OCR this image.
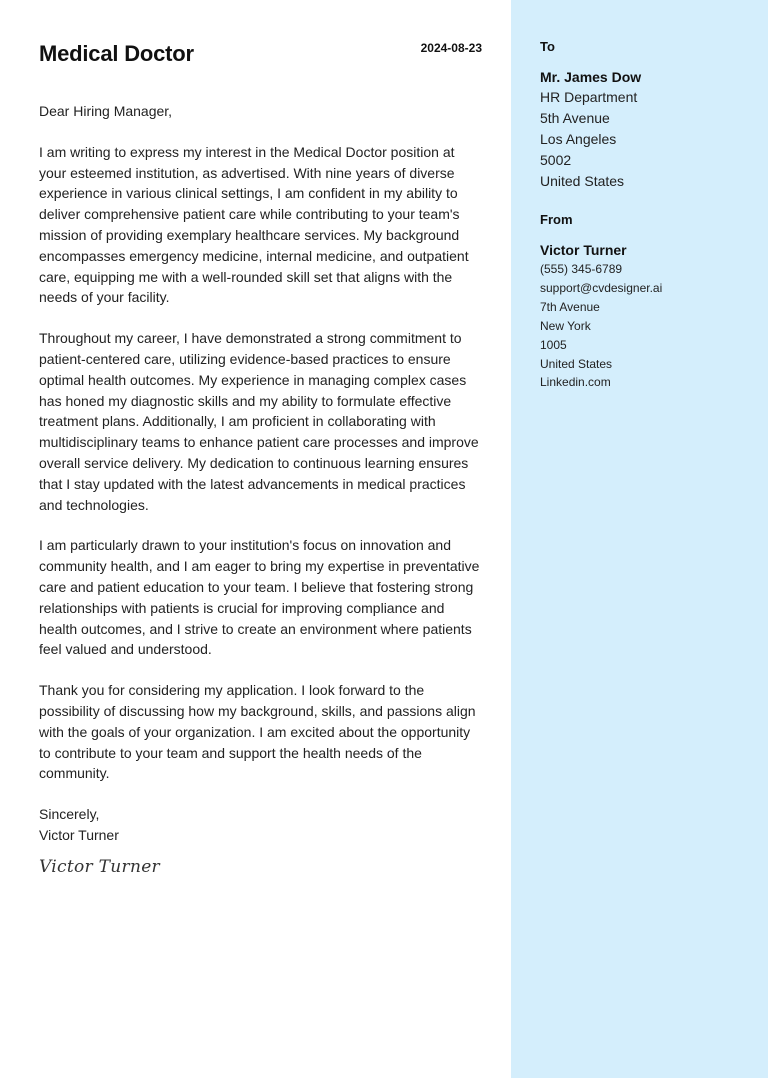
Medical Doctor	2024-08-23

Dear Hiring Manager,

I am writing to express my interest in the Medical Doctor position at your esteemed institution, as advertised. With nine years of diverse experience in various clinical settings, I am confident in my ability to deliver comprehensive patient care while contributing to your team's mission of providing exemplary healthcare services. My background encompasses emergency medicine, internal medicine, and outpatient care, equipping me with a well-rounded skill set that aligns with the needs of your facility.

Throughout my career, I have demonstrated a strong commitment to patient-centered care, utilizing evidence-based practices to ensure optimal health outcomes. My experience in managing complex cases has honed my diagnostic skills and my ability to formulate effective treatment plans. Additionally, I am proficient in collaborating with multidisciplinary teams to enhance patient care processes and improve overall service delivery. My dedication to continuous learning ensures that I stay updated with the latest advancements in medical practices and technologies.

I am particularly drawn to your institution's focus on innovation and community health, and I am eager to bring my expertise in preventative care and patient education to your team. I believe that fostering strong relationships with patients is crucial for improving compliance and health outcomes, and I strive to create an environment where patients feel valued and understood.

Thank you for considering my application. I look forward to the possibility of discussing how my background, skills, and passions align with the goals of your organization. I am excited about the opportunity to contribute to your team and support the health needs of the community.

Sincerely,
Victor Turner
Victor Turner
To
Mr. James Dow
HR Department
5th Avenue
Los Angeles
5002
United States
From
Victor Turner
(555) 345-6789
support@cvdesigner.ai
7th Avenue
New York
1005
United States
Linkedin.com
